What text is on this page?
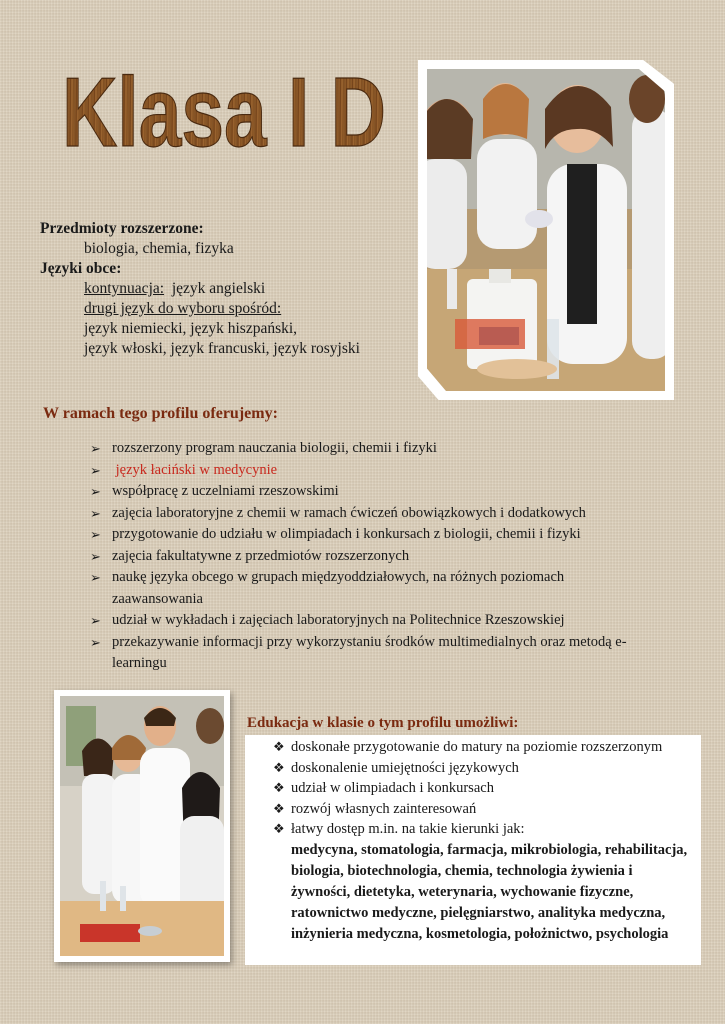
Klasa I D
Przedmioty rozszerzone:
biologia, chemia, fizyka
Języki obce:
kontynuacja: język angielski
drugi język do wyboru spośród:
język niemiecki, język hiszpański,
język włoski, język francuski, język rosyjski
W ramach tego profilu oferujemy:
➢ rozszerzony program nauczania biologii, chemii i fizyki
➢ język łaciński w medycynie
➢ współpracę z uczelniami rzeszowskimi
➢ zajęcia laboratoryjne z chemii w ramach ćwiczeń obowiązkowych i dodatkowych
➢ przygotowanie do udziału w olimpiadach i konkursach z biologii, chemii i fizyki
➢ zajęcia fakultatywne z przedmiotów rozszerzonych
➢ naukę języka obcego w grupach międzyoddziałowych, na różnych poziomach zaawansowania
➢ udział w wykładach i zajęciach laboratoryjnych na Politechnice Rzeszowskiej
➢ przekazywanie informacji przy wykorzystaniu środków multimedialnych oraz metodą e-learningu
Edukacja w klasie o tym profilu umożliwi:
❖ doskonałe przygotowanie do matury na poziomie rozszerzonym
❖ doskonalenie umiejętności językowych
❖ udział w olimpiadach i konkursach
❖ rozwój własnych zainteresowań
❖ łatwy dostęp m.in. na takie kierunki jak:

medycyna, stomatologia, farmacja, mikrobiologia, rehabilitacja, biologia, biotechnologia, chemia, technologia żywienia i żywności, dietetyka, weterynaria, wychowanie fizyczne, ratownictwo medyczne, pielęgniarstwo, analityka medyczna, inżynieria medyczna, kosmetologia, położnictwo, psychologia
